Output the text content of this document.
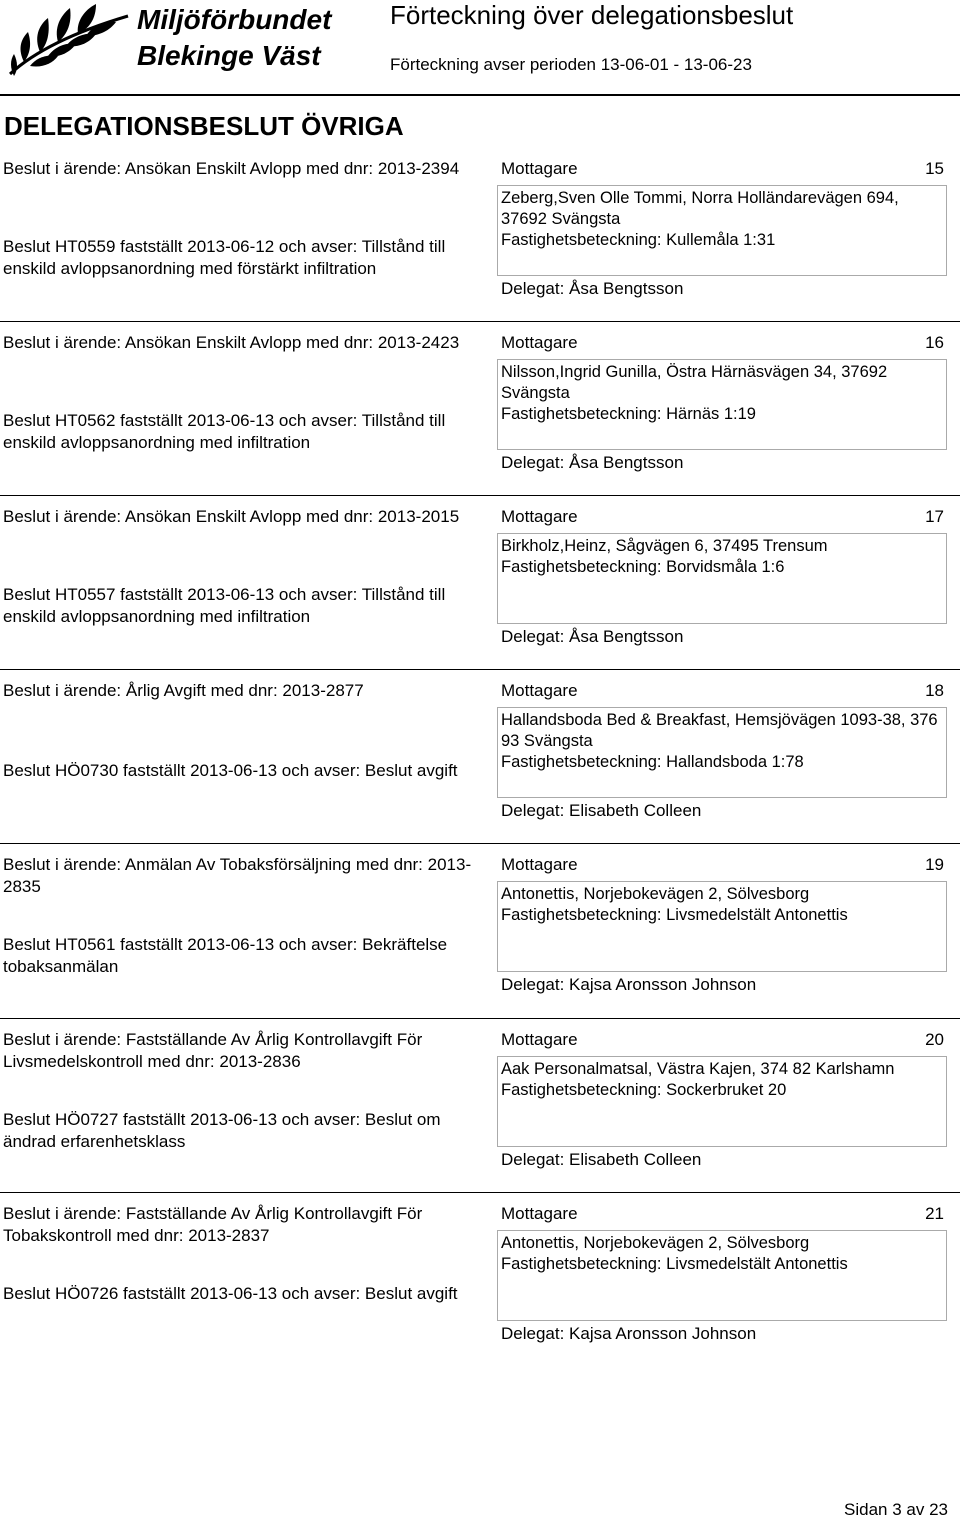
Miljöförbundet
Blekinge Väst
Förteckning över delegationsbeslut
Förteckning avser perioden 13-06-01 - 13-06-23
DELEGATIONSBESLUT ÖVRIGA

Beslut i ärende: Ansökan Enskilt Avlopp med dnr: 2013-2394

Beslut HT0559 fastställt 2013-06-12 och avser: Tillstånd till enskild avloppsanordning med förstärkt infiltration

Mottagare	15
Zeberg,Sven Olle Tommi, Norra Holländarevägen 694, 37692 Svängsta
Fastighetsbeteckning: Kullemåla 1:31
Delegat: Åsa Bengtsson

Beslut i ärende: Ansökan Enskilt Avlopp med dnr: 2013-2423

Beslut HT0562 fastställt 2013-06-13 och avser: Tillstånd till enskild avloppsanordning med infiltration

Mottagare	16
Nilsson,Ingrid Gunilla, Östra Härnäsvägen 34, 37692 Svängsta
Fastighetsbeteckning: Härnäs 1:19
Delegat: Åsa Bengtsson

Beslut i ärende: Ansökan Enskilt Avlopp med dnr: 2013-2015

Beslut HT0557 fastställt 2013-06-13 och avser: Tillstånd till enskild avloppsanordning med infiltration

Mottagare	17
Birkholz,Heinz, Sågvägen 6, 37495 Trensum
Fastighetsbeteckning: Borvidsmåla 1:6
Delegat: Åsa Bengtsson

Beslut i ärende: Årlig Avgift med dnr: 2013-2877

Beslut HÖ0730 fastställt 2013-06-13 och avser: Beslut avgift

Mottagare	18
Hallandsboda Bed & Breakfast, Hemsjövägen 1093-38, 376 93 Svängsta
Fastighetsbeteckning: Hallandsboda 1:78
Delegat: Elisabeth Colleen

Beslut i ärende: Anmälan Av Tobaksförsäljning med dnr: 2013-2835

Beslut HT0561 fastställt 2013-06-13 och avser: Bekräftelse tobaksanmälan

Mottagare	19
Antonettis, Norjebokevägen 2, Sölvesborg
Fastighetsbeteckning: Livsmedelstält Antonettis
Delegat: Kajsa Aronsson Johnson

Beslut i ärende: Fastställande Av Årlig Kontrollavgift För Livsmedelskontroll med dnr: 2013-2836

Beslut HÖ0727 fastställt 2013-06-13 och avser: Beslut om ändrad erfarenhetsklass

Mottagare	20
Aak Personalmatsal, Västra Kajen, 374 82 Karlshamn
Fastighetsbeteckning: Sockerbruket 20
Delegat: Elisabeth Colleen

Beslut i ärende: Fastställande Av Årlig Kontrollavgift För Tobakskontroll med dnr: 2013-2837

Beslut HÖ0726 fastställt 2013-06-13 och avser: Beslut avgift

Mottagare	21
Antonettis, Norjebokevägen 2, Sölvesborg
Fastighetsbeteckning: Livsmedelstält Antonettis
Delegat: Kajsa Aronsson Johnson
Sidan 3 av 23
